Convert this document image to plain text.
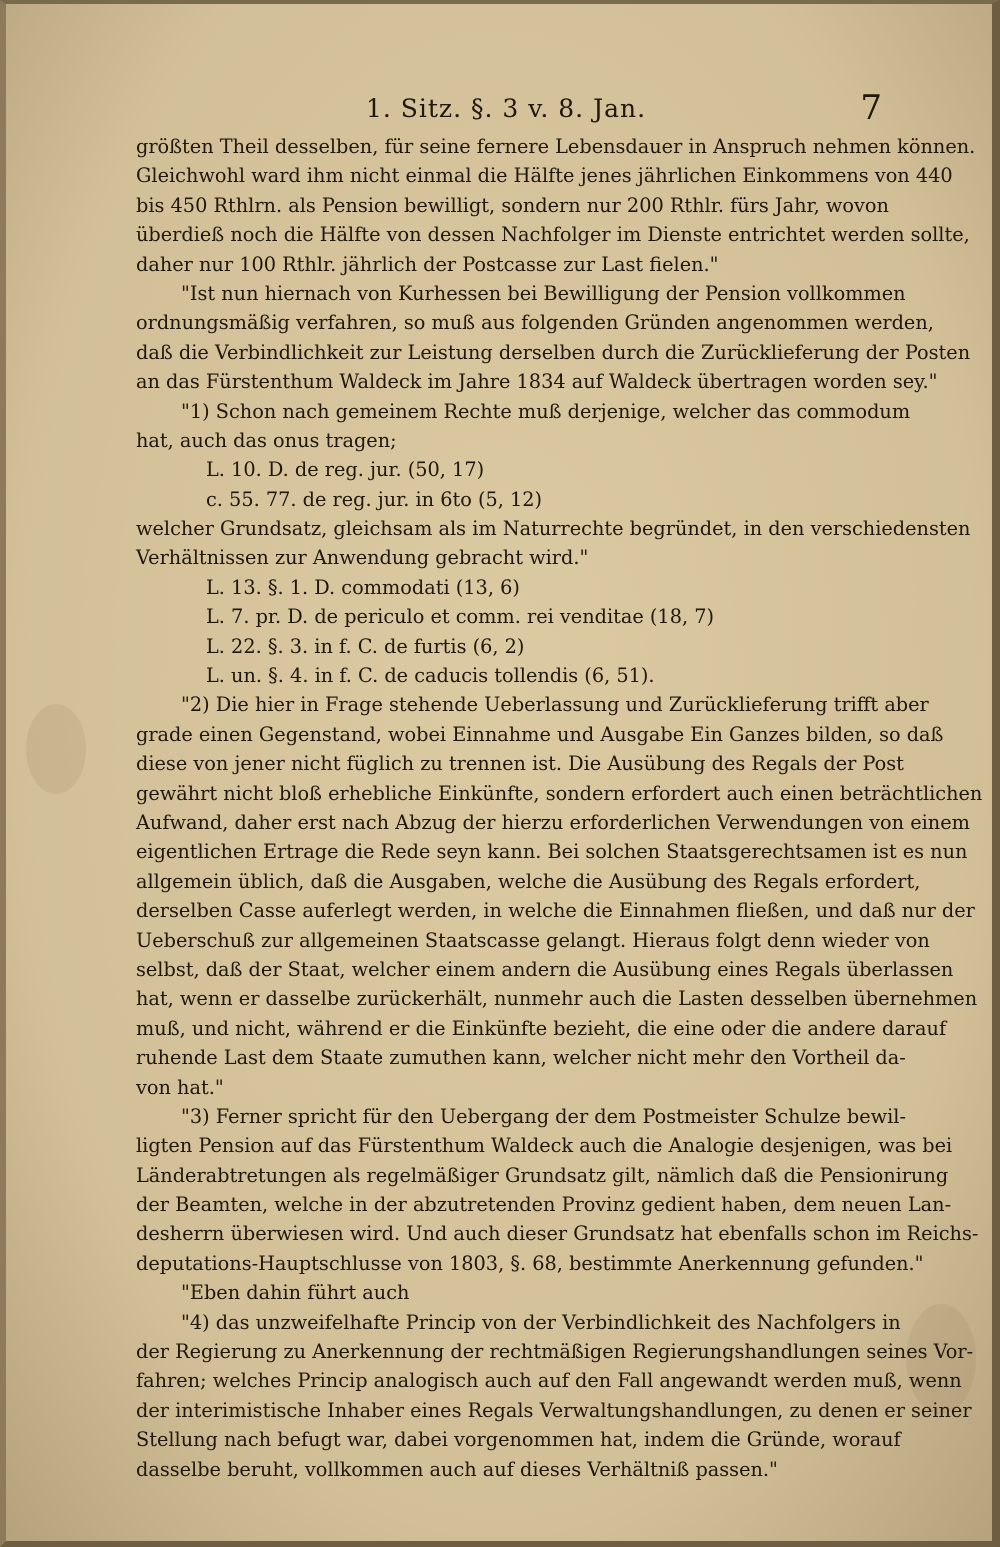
1. Sitz. §. 3 v. 8. Jan.	7
größten Theil desselben, für seine fernere Lebensdauer in Anspruch nehmen können.
Gleichwohl ward ihm nicht einmal die Hälfte jenes jährlichen Einkommens von 440
bis 450 Rthlrn. als Pension bewilligt, sondern nur 200 Rthlr. fürs Jahr, wovon
überdieß noch die Hälfte von dessen Nachfolger im Dienste entrichtet werden sollte,
daher nur 100 Rthlr. jährlich der Postcasse zur Last fielen."
"Ist nun hiernach von Kurhessen bei Bewilligung der Pension vollkommen
ordnungsmäßig verfahren, so muß aus folgenden Gründen angenommen werden,
daß die Verbindlichkeit zur Leistung derselben durch die Zurücklieferung der Posten
an das Fürstenthum Waldeck im Jahre 1834 auf Waldeck übertragen worden sey."
"1) Schon nach gemeinem Rechte muß derjenige, welcher das commodum
hat, auch das onus tragen;
L. 10. D. de reg. jur. (50, 17)
c. 55. 77. de reg. jur. in 6to (5, 12)
welcher Grundsatz, gleichsam als im Naturrechte begründet, in den verschiedensten
Verhältnissen zur Anwendung gebracht wird."
L. 13. §. 1. D. commodati (13, 6)
L. 7. pr. D. de periculo et comm. rei venditae (18, 7)
L. 22. §. 3. in f. C. de furtis (6, 2)
L. un. §. 4. in f. C. de caducis tollendis (6, 51).
"2) Die hier in Frage stehende Ueberlassung und Zurücklieferung trifft aber
grade einen Gegenstand, wobei Einnahme und Ausgabe Ein Ganzes bilden, so daß
diese von jener nicht füglich zu trennen ist. Die Ausübung des Regals der Post
gewährt nicht bloß erhebliche Einkünfte, sondern erfordert auch einen beträchtlichen
Aufwand, daher erst nach Abzug der hierzu erforderlichen Verwendungen von einem
eigentlichen Ertrage die Rede seyn kann. Bei solchen Staatsgerechtsamen ist es nun
allgemein üblich, daß die Ausgaben, welche die Ausübung des Regals erfordert,
derselben Casse auferlegt werden, in welche die Einnahmen fließen, und daß nur der
Ueberschuß zur allgemeinen Staatscasse gelangt. Hieraus folgt denn wieder von
selbst, daß der Staat, welcher einem andern die Ausübung eines Regals überlassen
hat, wenn er dasselbe zurückerhält, nunmehr auch die Lasten desselben übernehmen
muß, und nicht, während er die Einkünfte bezieht, die eine oder die andere darauf
ruhende Last dem Staate zumuthen kann, welcher nicht mehr den Vortheil da-
von hat."
"3) Ferner spricht für den Uebergang der dem Postmeister Schulze bewil-
ligten Pension auf das Fürstenthum Waldeck auch die Analogie desjenigen, was bei
Länderabtretungen als regelmäßiger Grundsatz gilt, nämlich daß die Pensionirung
der Beamten, welche in der abzutretenden Provinz gedient haben, dem neuen Lan-
desherrn überwiesen wird. Und auch dieser Grundsatz hat ebenfalls schon im Reichs-
deputations-Hauptschlusse von 1803, §. 68, bestimmte Anerkennung gefunden."
"Eben dahin führt auch
"4) das unzweifelhafte Princip von der Verbindlichkeit des Nachfolgers in
der Regierung zu Anerkennung der rechtmäßigen Regierungshandlungen seines Vor-
fahren; welches Princip analogisch auch auf den Fall angewandt werden muß, wenn
der interimistische Inhaber eines Regals Verwaltungshandlungen, zu denen er seiner
Stellung nach befugt war, dabei vorgenommen hat, indem die Gründe, worauf
dasselbe beruht, vollkommen auch auf dieses Verhältniß passen."
